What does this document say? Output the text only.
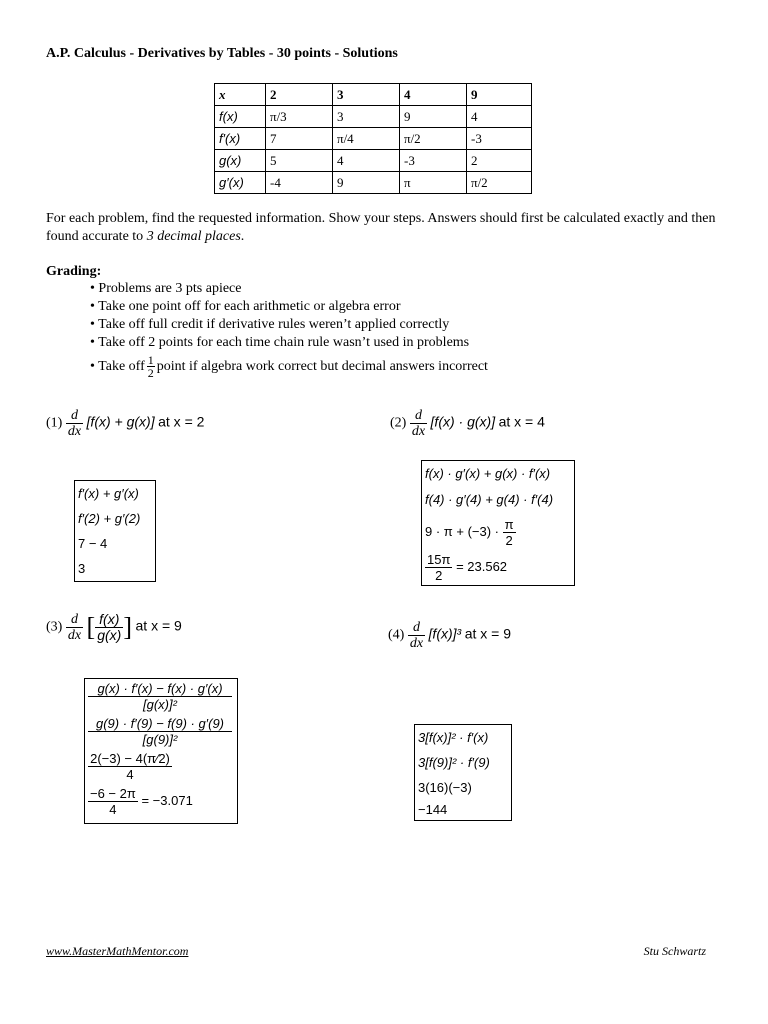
A.P. Calculus - Derivatives by Tables - 30 points - Solutions
x	2	3	4	9
f(x)	π/3	3	9	4
f′(x)	7	π/4	π/2	-3
g(x)	5	4	-3	2
g′(x)	-4	9	π	π/2
For each problem, find the requested information. Show your steps. Answers should first be calculated exactly and then found accurate to 3 decimal places.
Grading:
• Problems are 3 pts apiece
• Take one point off for each arithmetic or algebra error
• Take off full credit if derivative rules weren’t applied correctly
• Take off 2 points for each time chain rule wasn’t used in problems
• Take off $\frac{1}{2}$ point if algebra work correct but decimal answers incorrect
$(1) \frac{d}{dx} [f(x) + g(x)]$ at x = 2
f′(x) + g′(x)
f′(2) + g′(2)
7 − 4
3
$(2) \frac{d}{dx} [f(x) \cdot g(x)]$ at x = 4
f(x) · g′(x) + g(x) · f′(x)
f(4) · g′(4) + g(4) · f′(4)
$9 \cdot \pi + (-3) \cdot \frac{\pi}{2}$
$\frac{15\pi}{2} = 23.562$
$(3) \frac{d}{dx}$ [ $\frac{f(x)}{g(x)}$ ] at x = 9
$\frac{g(x) \cdot f'(x) - f(x) \cdot g'(x)}{\text{[g(x)]²}}$
$\frac{g(9) \cdot f'(9) - f(9) \cdot g'(9)}{\text{[g(9)]²}}$
$\frac{2(-3) - 4(\pi⁄2)}{4}$
$\frac{-6 - 2\pi}{4} = -3.071$
$(4) \frac{d}{dx} [f(x)]^3$ at x = 9
3[f(x)]² · f′(x)
3[f(9)]² · f′(9)
3(16)(−3)
−144
www.MasterMathMentor.com	Stu Schwartz
